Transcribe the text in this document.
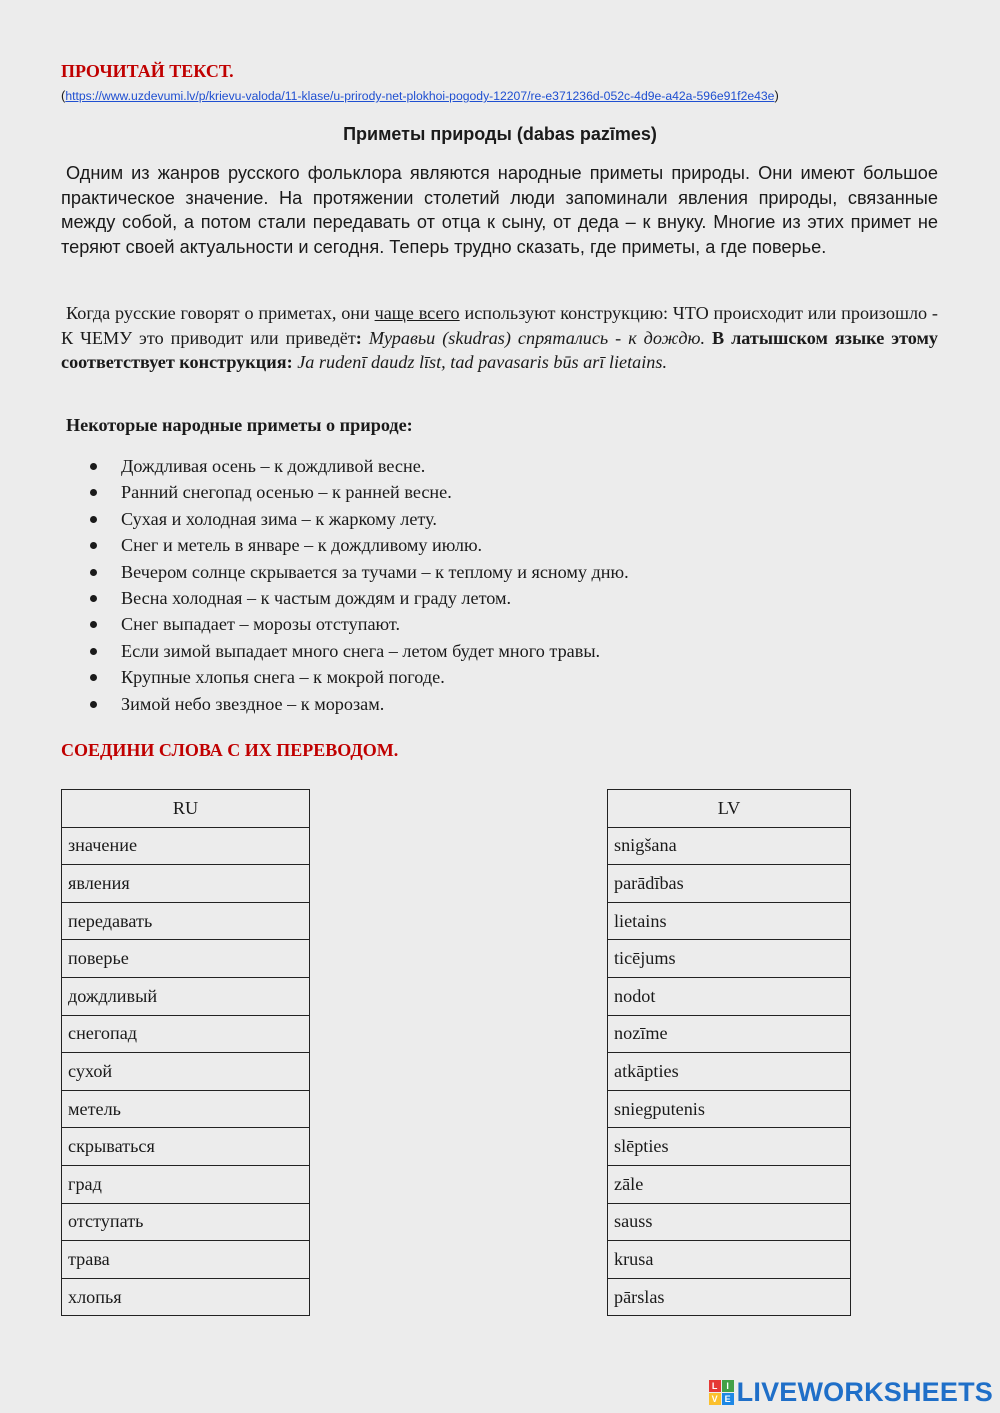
ПРОЧИТАЙ ТЕКСТ.
(https://www.uzdevumi.lv/p/krievu-valoda/11-klase/u-prirody-net-plokhoi-pogody-12207/re-e371236d-052c-4d9e-a42a-596e91f2e43e)
Приметы природы (dabas pazīmes)
Одним из жанров русского фольклора являются народные приметы природы. Они имеют большое практическое значение. На протяжении столетий люди запоминали явления природы, связанные между собой, а потом стали передавать от отца к сыну, от деда – к внуку. Многие из этих примет не теряют своей актуальности и сегодня. Теперь трудно сказать, где приметы, а где поверье.
Когда русские говорят о приметах, они чаще всего используют конструкцию: ЧТО происходит или произошло - К ЧЕМУ это приводит или приведёт: Муравьи (skudras) спрятались - к дождю. В латышском языке этому соответствует конструкция: Ja rudenī daudz līst, tad pavasaris būs arī lietains.
Некоторые народные приметы о природе:
Дождливая осень – к дождливой весне.
Ранний снегопад осенью – к ранней весне.
Сухая и холодная зима – к жаркому лету.
Снег и метель в январе – к дождливому июлю.
Вечером солнце скрывается за тучами – к теплому и ясному дню.
Весна холодная – к частым дождям и граду летом.
Снег выпадает – морозы отступают.
Если зимой выпадает много снега – летом будет много травы.
Крупные хлопья снега – к мокрой погоде.
Зимой небо звездное – к морозам.
СОЕДИНИ СЛОВА С ИХ ПЕРЕВОДОМ.
RU
значение
явления
передавать
поверье
дождливый
снегопад
сухой
метель
скрываться
град
отступать
трава
хлопья
LV
snigšana
parādības
lietains
ticējums
nodot
nozīme
atkāpties
sniegputenis
slēpties
zāle
sauss
krusa
pārslas
L I
V E LIVEWORKSHEETS
